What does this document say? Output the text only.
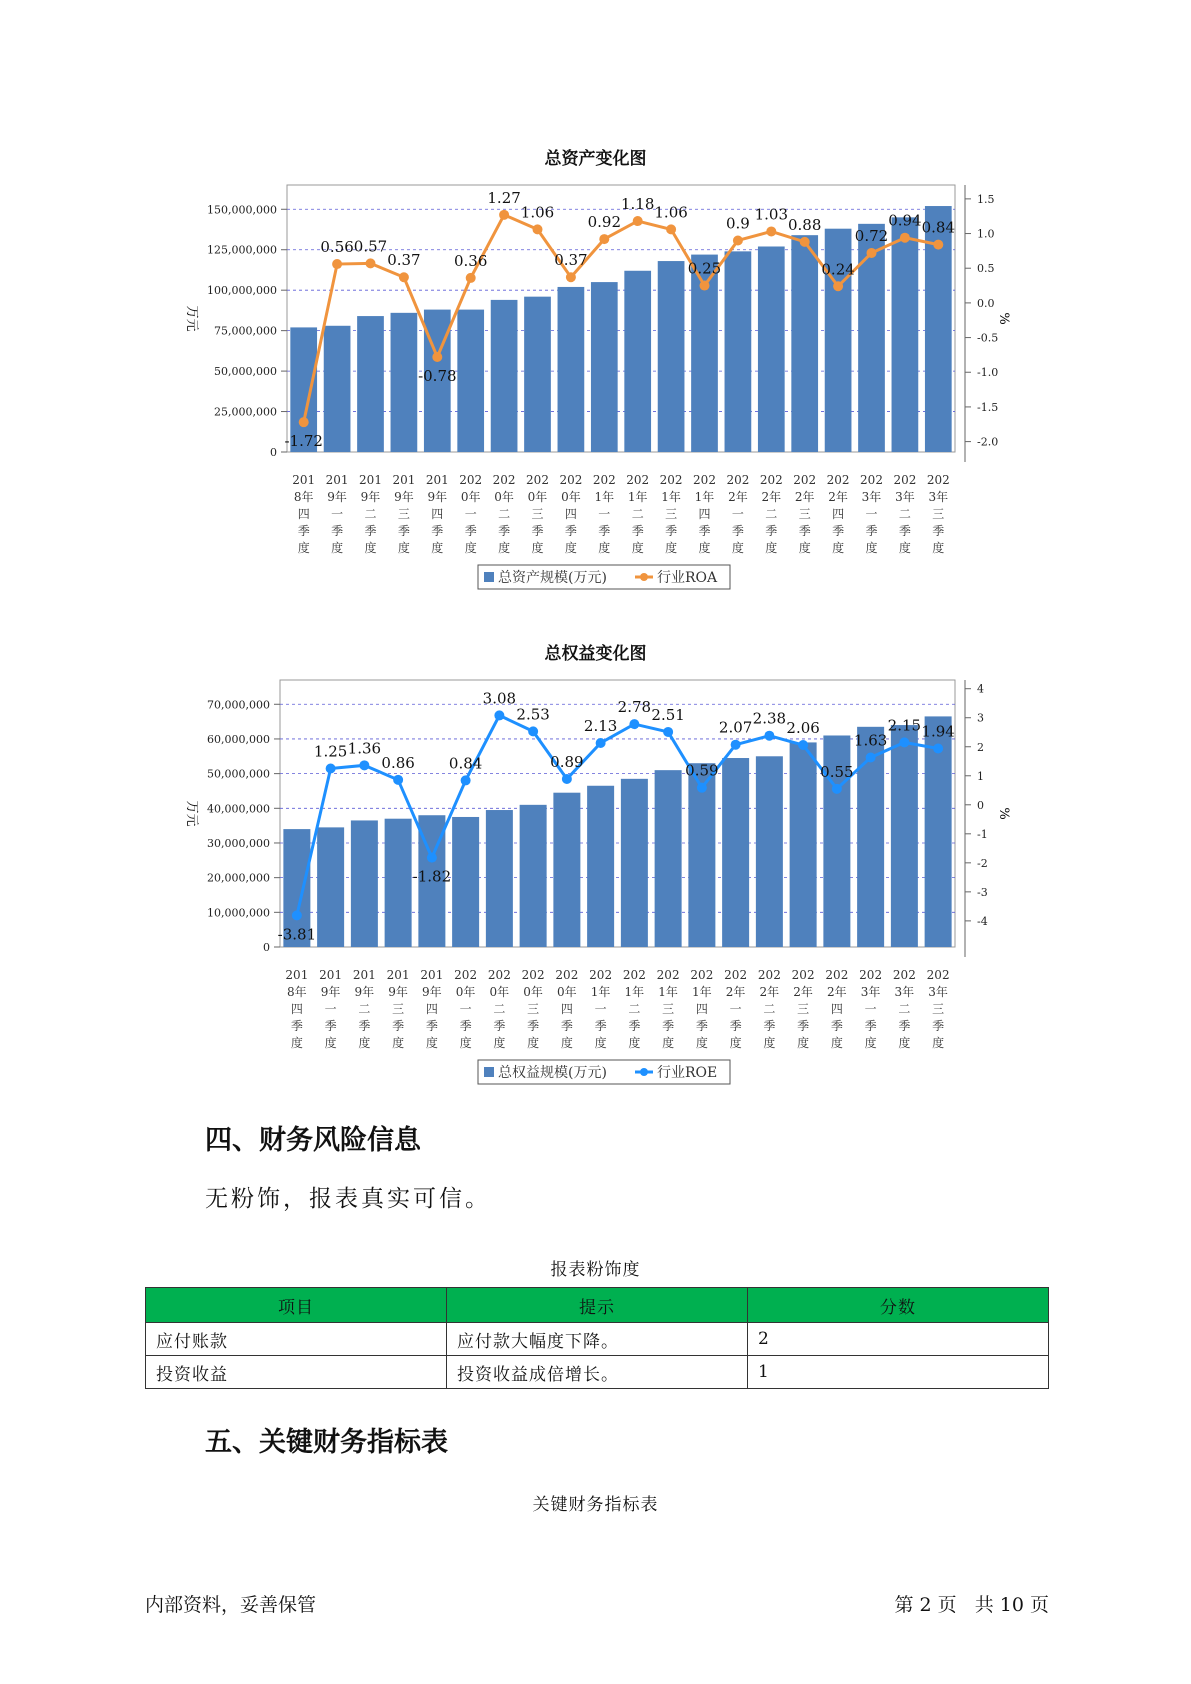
总资产变化图
0
25,000,000
50,000,000
75,000,000
100,000,000
125,000,000
150,000,000
万元
-2.0
-1.5
-1.0
-0.5
0.0
0.5
1.0
1.5
%
201 8年四季度
201 9年一季度
201 9年二季度
201 9年三季度
201 9年四季度
202 0年一季度
202 0年二季度
202 0年三季度
202 0年四季度
202 1年一季度
202 1年二季度
202 1年三季度
202 1年四季度
202 2年一季度
202 2年二季度
202 2年三季度
202 2年四季度
202 3年一季度
202 3年二季度
202 3年三季度
-1.72
0.56 0.57
0.37
-0.78
0.36
1.27
1.06
0.37
0.92
1.18 1.06
0.25
0.9
1.03
0.88
0.24
0.72
0.94 0.84
总资产规模(万元)	行业ROA
总权益变化图
0
10,000,000
20,000,000
30,000,000
40,000,000
50,000,000
60,000,000
70,000,000
万元
-4
-3
-2
-1
0
1
2
3
4
%
201 8年四季度
201 9年一季度
201 9年二季度
201 9年三季度
201 9年四季度
202 0年一季度
202 0年二季度
202 0年三季度
202 0年四季度
202 1年一季度
202 1年二季度
202 1年三季度
202 1年四季度
202 2年一季度
202 2年二季度
202 2年三季度
202 2年四季度
202 3年一季度
202 3年二季度
202 3年三季度
-3.81
1.25 1.36
0.86
-1.82
0.84
3.08
2.53
0.89
2.13
2.78 2.51
0.59
2.07 2.38
2.06
0.55
1.63
2.15 1.94
总权益规模(万元)	行业ROE
四、财务风险信息
无粉饰，报表真实可信。
报表粉饰度
项目	提示	分数
应付账款	应付款大幅度下降。	2
投资收益	投资收益成倍增长。	1
五、关键财务指标表
关键财务指标表
内部资料，妥善保管	第 2 页   共 10 页
